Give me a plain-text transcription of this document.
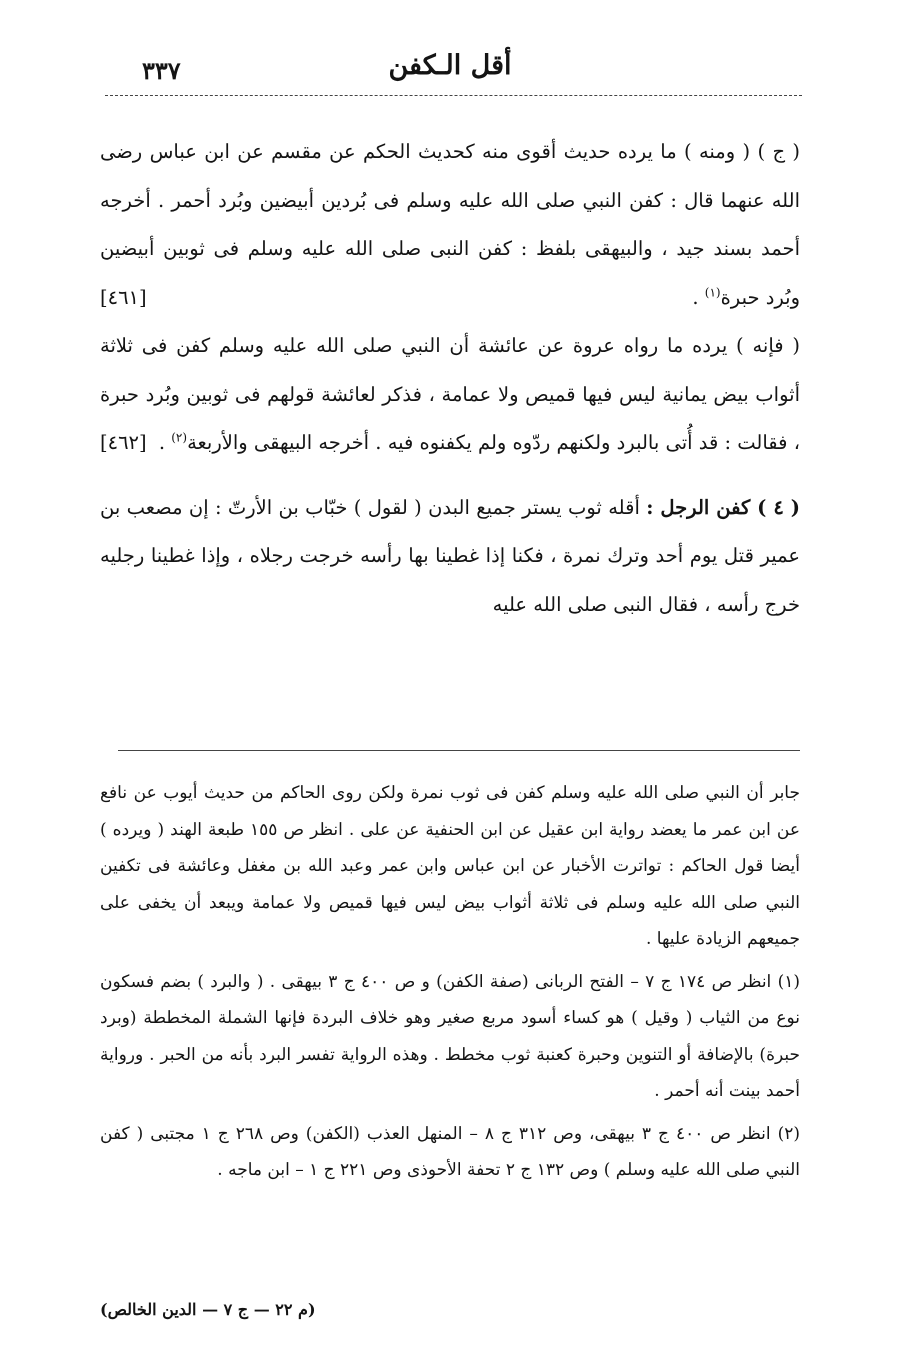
٣٣٧	أقل الـكفن

( ج ) ( ومنه ) ما يرده حديث أقوى منه كحديث الحكم عن مقسم عن ابن عباس رضى الله عنهما قال : كفن النبي صلى الله عليه وسلم فى بُردين أبيضين وبُرد أحمر . أخرجه أحمد بسند جيد ، والبيهقى بلفظ : كفن النبى صلى الله عليه وسلم فى ثوبين أبيضين وبُرد حبرة$^{(١)}$ .
[٤٦١]

( فإنه ) يرده ما رواه عروة عن عائشة أن النبي صلى الله عليه وسلم كفن فى ثلاثة أثواب بيض يمانية ليس فيها قميص ولا عمامة ، فذكر لعائشة قولهم فى ثوبين وبُرد حبرة ، فقالت : قد أُتى بالبرد ولكنهم ردّوه ولم يكفنوه فيه . أخرجه البيهقى والأربعة$^{(٢)}$ .
[٤٦٢]

( ٤ ) كفن الرجل : أقله ثوب يستر جميع البدن ( لقول ) خبّاب بن الأرتّ : إن مصعب بن عمير قتل يوم أحد وترك نمرة ، فكنا إذا غطينا بها رأسه خرجت رجلاه ، وإذا غطينا رجليه خرج رأسه ، فقال النبى صلى الله عليه

جابر أن النبي صلى الله عليه وسلم كفن فى ثوب نمرة ولكن روى الحاكم من حديث أيوب عن نافع عن ابن عمر ما يعضد رواية ابن عقيل عن ابن الحنفية عن على . انظر ص ١٥٥ طبعة الهند ( ويرده ) أيضا قول الحاكم : تواترت الأخبار عن ابن عباس وابن عمر وعبد الله بن مغفل وعائشة فى تكفين النبي صلى الله عليه وسلم فى ثلاثة أثواب بيض ليس فيها قميص ولا عمامة ويبعد أن يخفى على جميعهم الزيادة عليها .

(١) انظر ص ١٧٤ ج ٧ – الفتح الربانى (صفة الكفن) و ص ٤٠٠ ج ٣ بيهقى . ( والبرد ) بضم فسكون نوع من الثياب ( وقيل ) هو كساء أسود مربع صغير وهو خلاف البردة فإنها الشملة المخططة (وبرد حبرة) بالإضافة أو التنوين وحبرة كعنبة ثوب مخطط . وهذه الرواية تفسر البرد بأنه من الحبر . ورواية أحمد بينت أنه أحمر .

(٢) انظر ص ٤٠٠ ج ٣ بيهقى، وص ٣١٢ ج ٨ – المنهل العذب (الكفن) وص ٢٦٨ ج ١ مجتبى ( كفن النبي صلى الله عليه وسلم ) وص ١٣٢ ج ٢ تحفة الأحوذى وص ٢٢١ ج ١ – ابن ماجه .

(م ٢٢ — ج ٧ — الدين الخالص)
